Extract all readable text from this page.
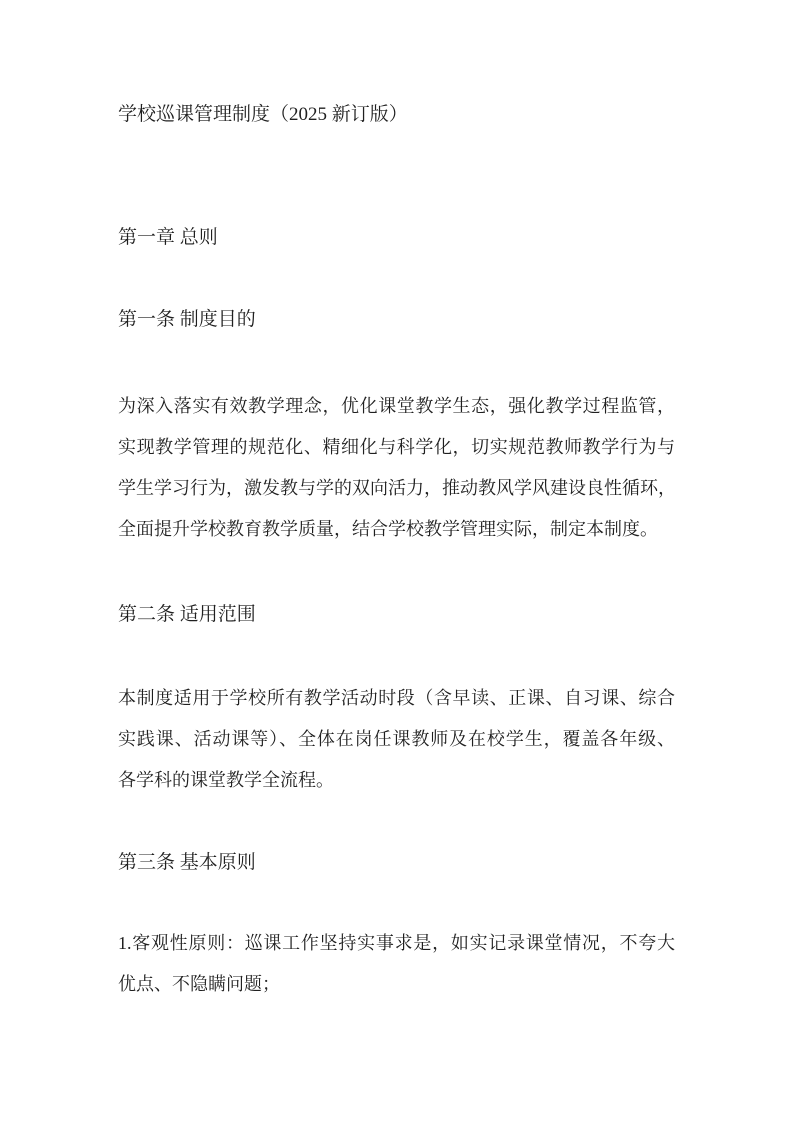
学校巡课管理制度（2025 新订版）
第一章 总则
第一条 制度目的
为深入落实有效教学理念，优化课堂教学生态，强化教学过程监管，
实现教学管理的规范化、精细化与科学化，切实规范教师教学行为与
学生学习行为，激发教与学的双向活力，推动教风学风建设良性循环，
全面提升学校教育教学质量，结合学校教学管理实际，制定本制度。
第二条 适用范围
本制度适用于学校所有教学活动时段（含早读、正课、自习课、综合
实践课、活动课等）、全体在岗任课教师及在校学生，覆盖各年级、
各学科的课堂教学全流程。
第三条 基本原则
1.客观性原则：巡课工作坚持实事求是，如实记录课堂情况，不夸大
优点、不隐瞒问题；
